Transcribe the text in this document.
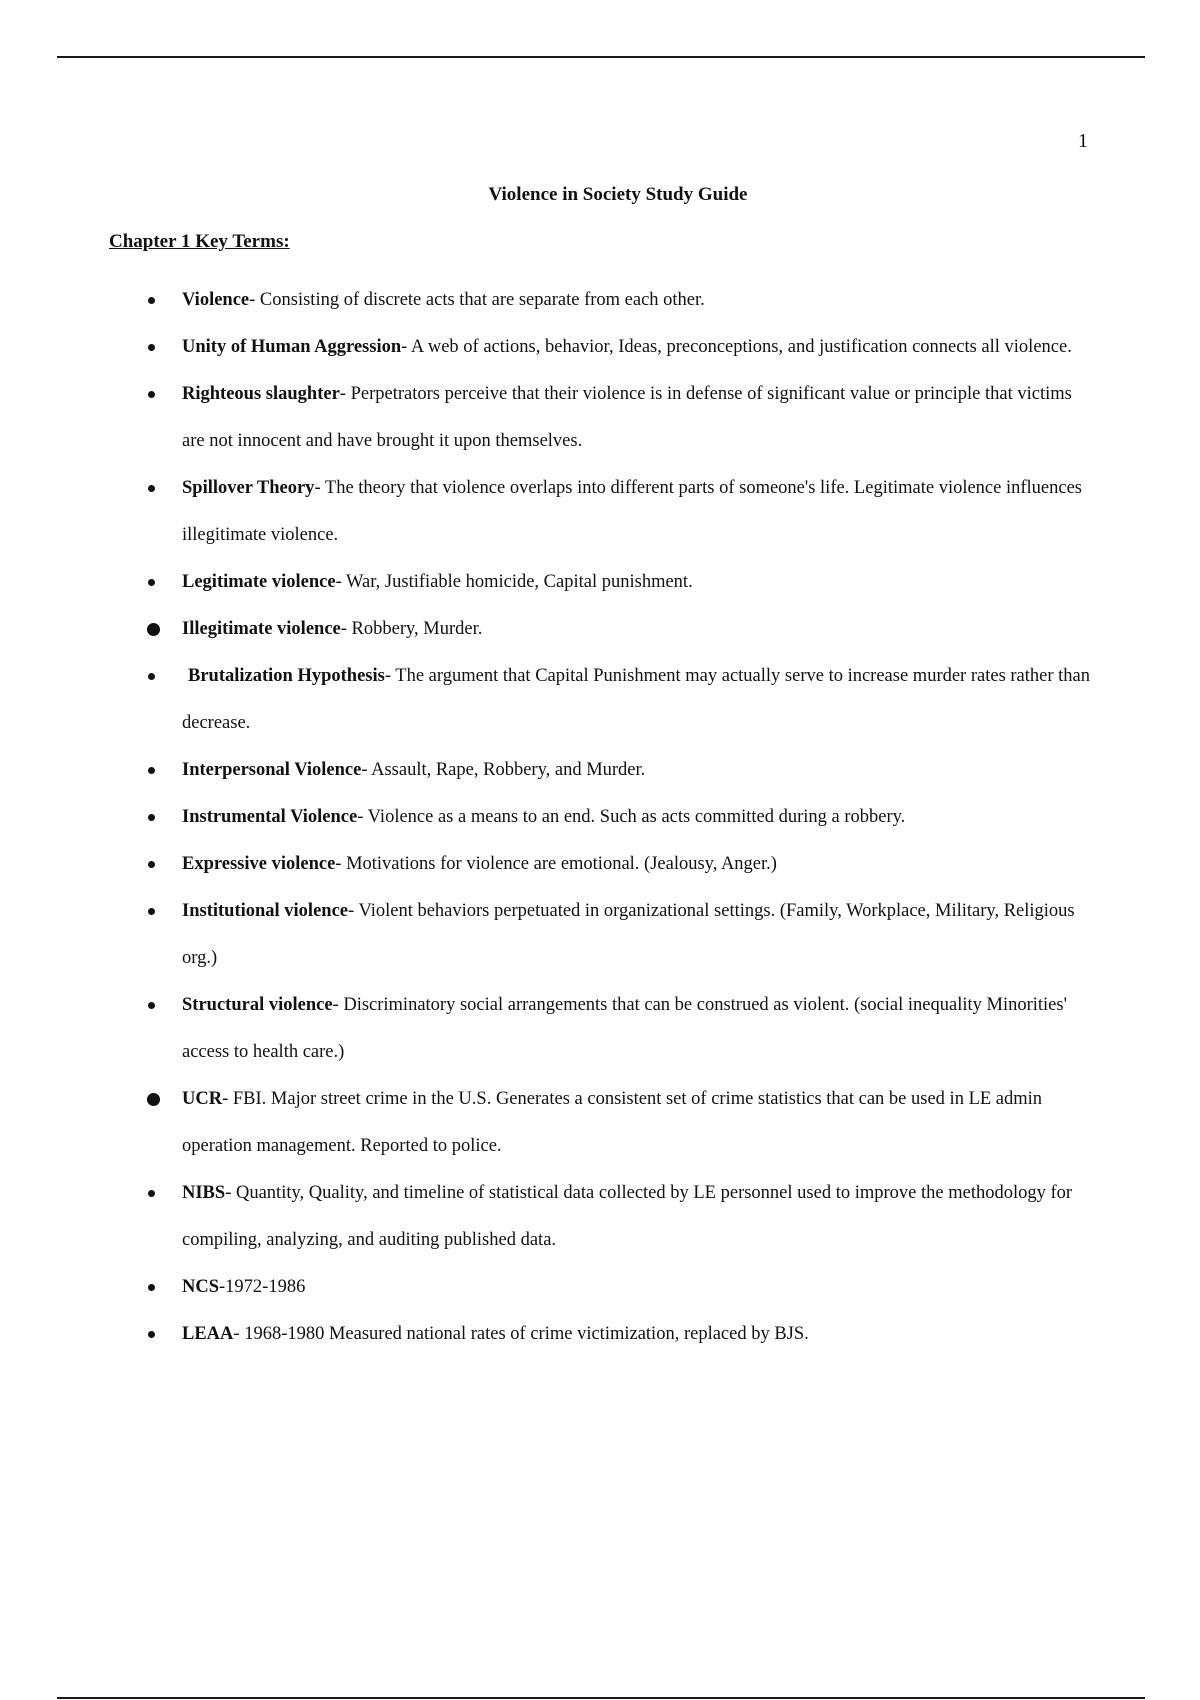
1
Violence in Society Study Guide
Chapter 1 Key Terms:
Violence- Consisting of discrete acts that are separate from each other.
Unity of Human Aggression- A web of actions, behavior, Ideas, preconceptions, and justification connects all violence.
Righteous slaughter- Perpetrators perceive that their violence is in defense of significant value or principle that victims are not innocent and have brought it upon themselves.
Spillover Theory- The theory that violence overlaps into different parts of someone's life. Legitimate violence influences illegitimate violence.
Legitimate violence- War, Justifiable homicide, Capital punishment.
Illegitimate violence- Robbery, Murder.
Brutalization Hypothesis- The argument that Capital Punishment may actually serve to increase murder rates rather than decrease.
Interpersonal Violence- Assault, Rape, Robbery, and Murder.
Instrumental Violence- Violence as a means to an end. Such as acts committed during a robbery.
Expressive violence- Motivations for violence are emotional. (Jealousy, Anger.)
Institutional violence- Violent behaviors perpetuated in organizational settings. (Family, Workplace, Military, Religious org.)
Structural violence- Discriminatory social arrangements that can be construed as violent. (social inequality Minorities' access to health care.)
UCR- FBI. Major street crime in the U.S. Generates a consistent set of crime statistics that can be used in LE admin operation management. Reported to police.
NIBS- Quantity, Quality, and timeline of statistical data collected by LE personnel used to improve the methodology for compiling, analyzing, and auditing published data.
NCS-1972-1986
LEAA- 1968-1980 Measured national rates of crime victimization, replaced by BJS.
